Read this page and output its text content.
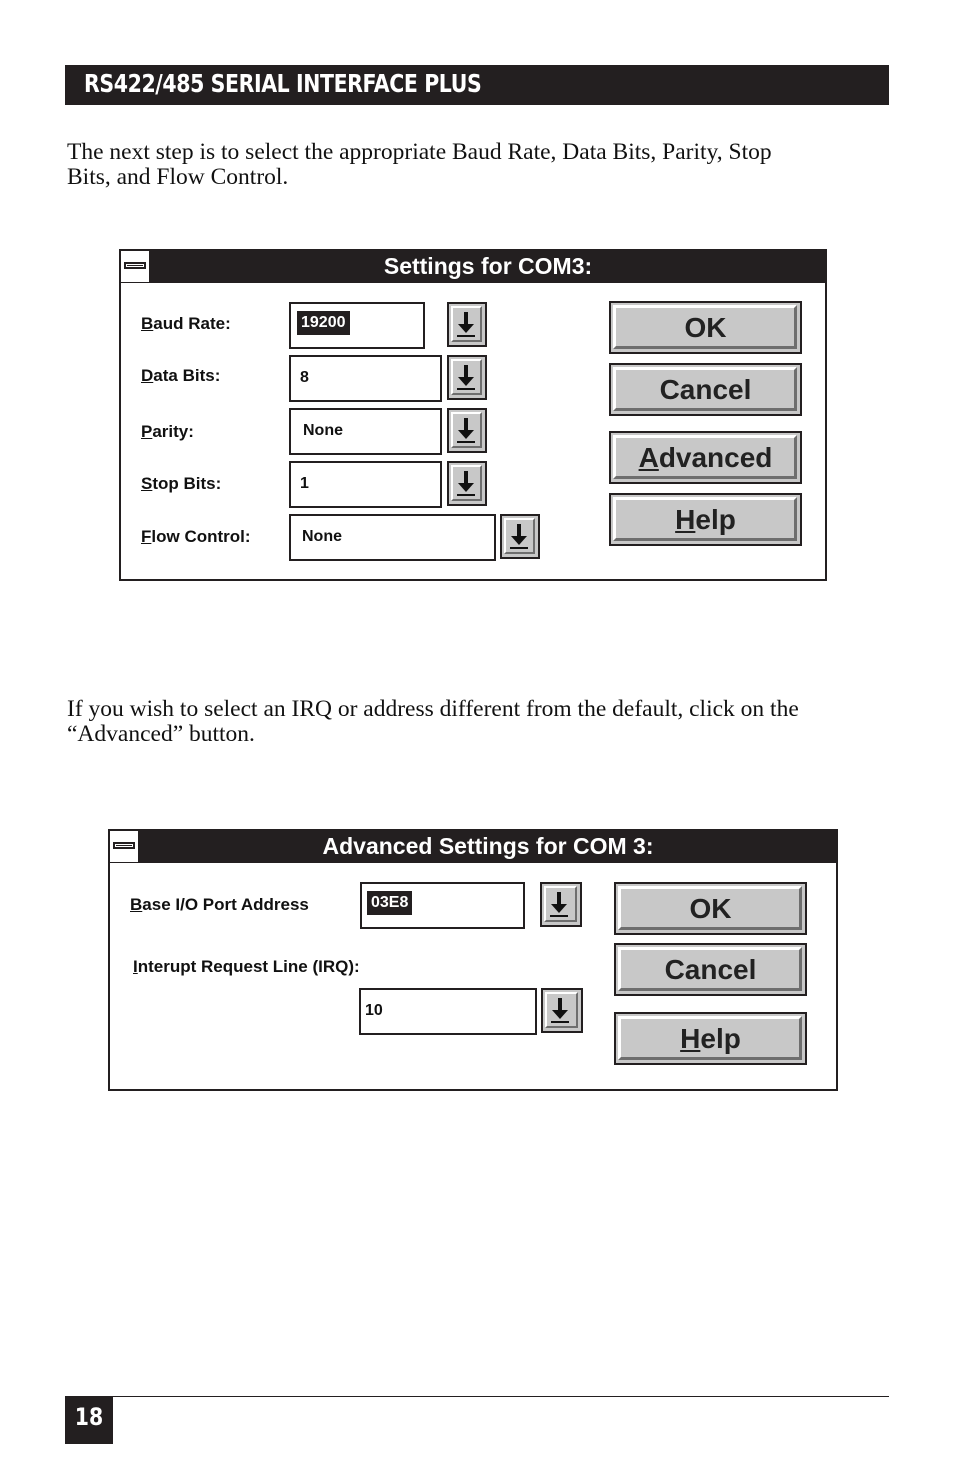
RS422/485 SERIAL INTERFACE PLUS
The next step is to select the appropriate Baud Rate, Data Bits, Parity, Stop
Bits, and Flow Control.
Settings for COM3:
Baud Rate:	19200
Data Bits:	8
Parity:	None
Stop Bits:	1
Flow Control:	None
OK
Cancel
Advanced
Help
If you wish to select an IRQ or address different from the default, click on the
“Advanced” button.
Advanced Settings for COM 3:
Base I/O Port Address	03E8
Interupt Request Line (IRQ):
10
OK
Cancel
Help
18
